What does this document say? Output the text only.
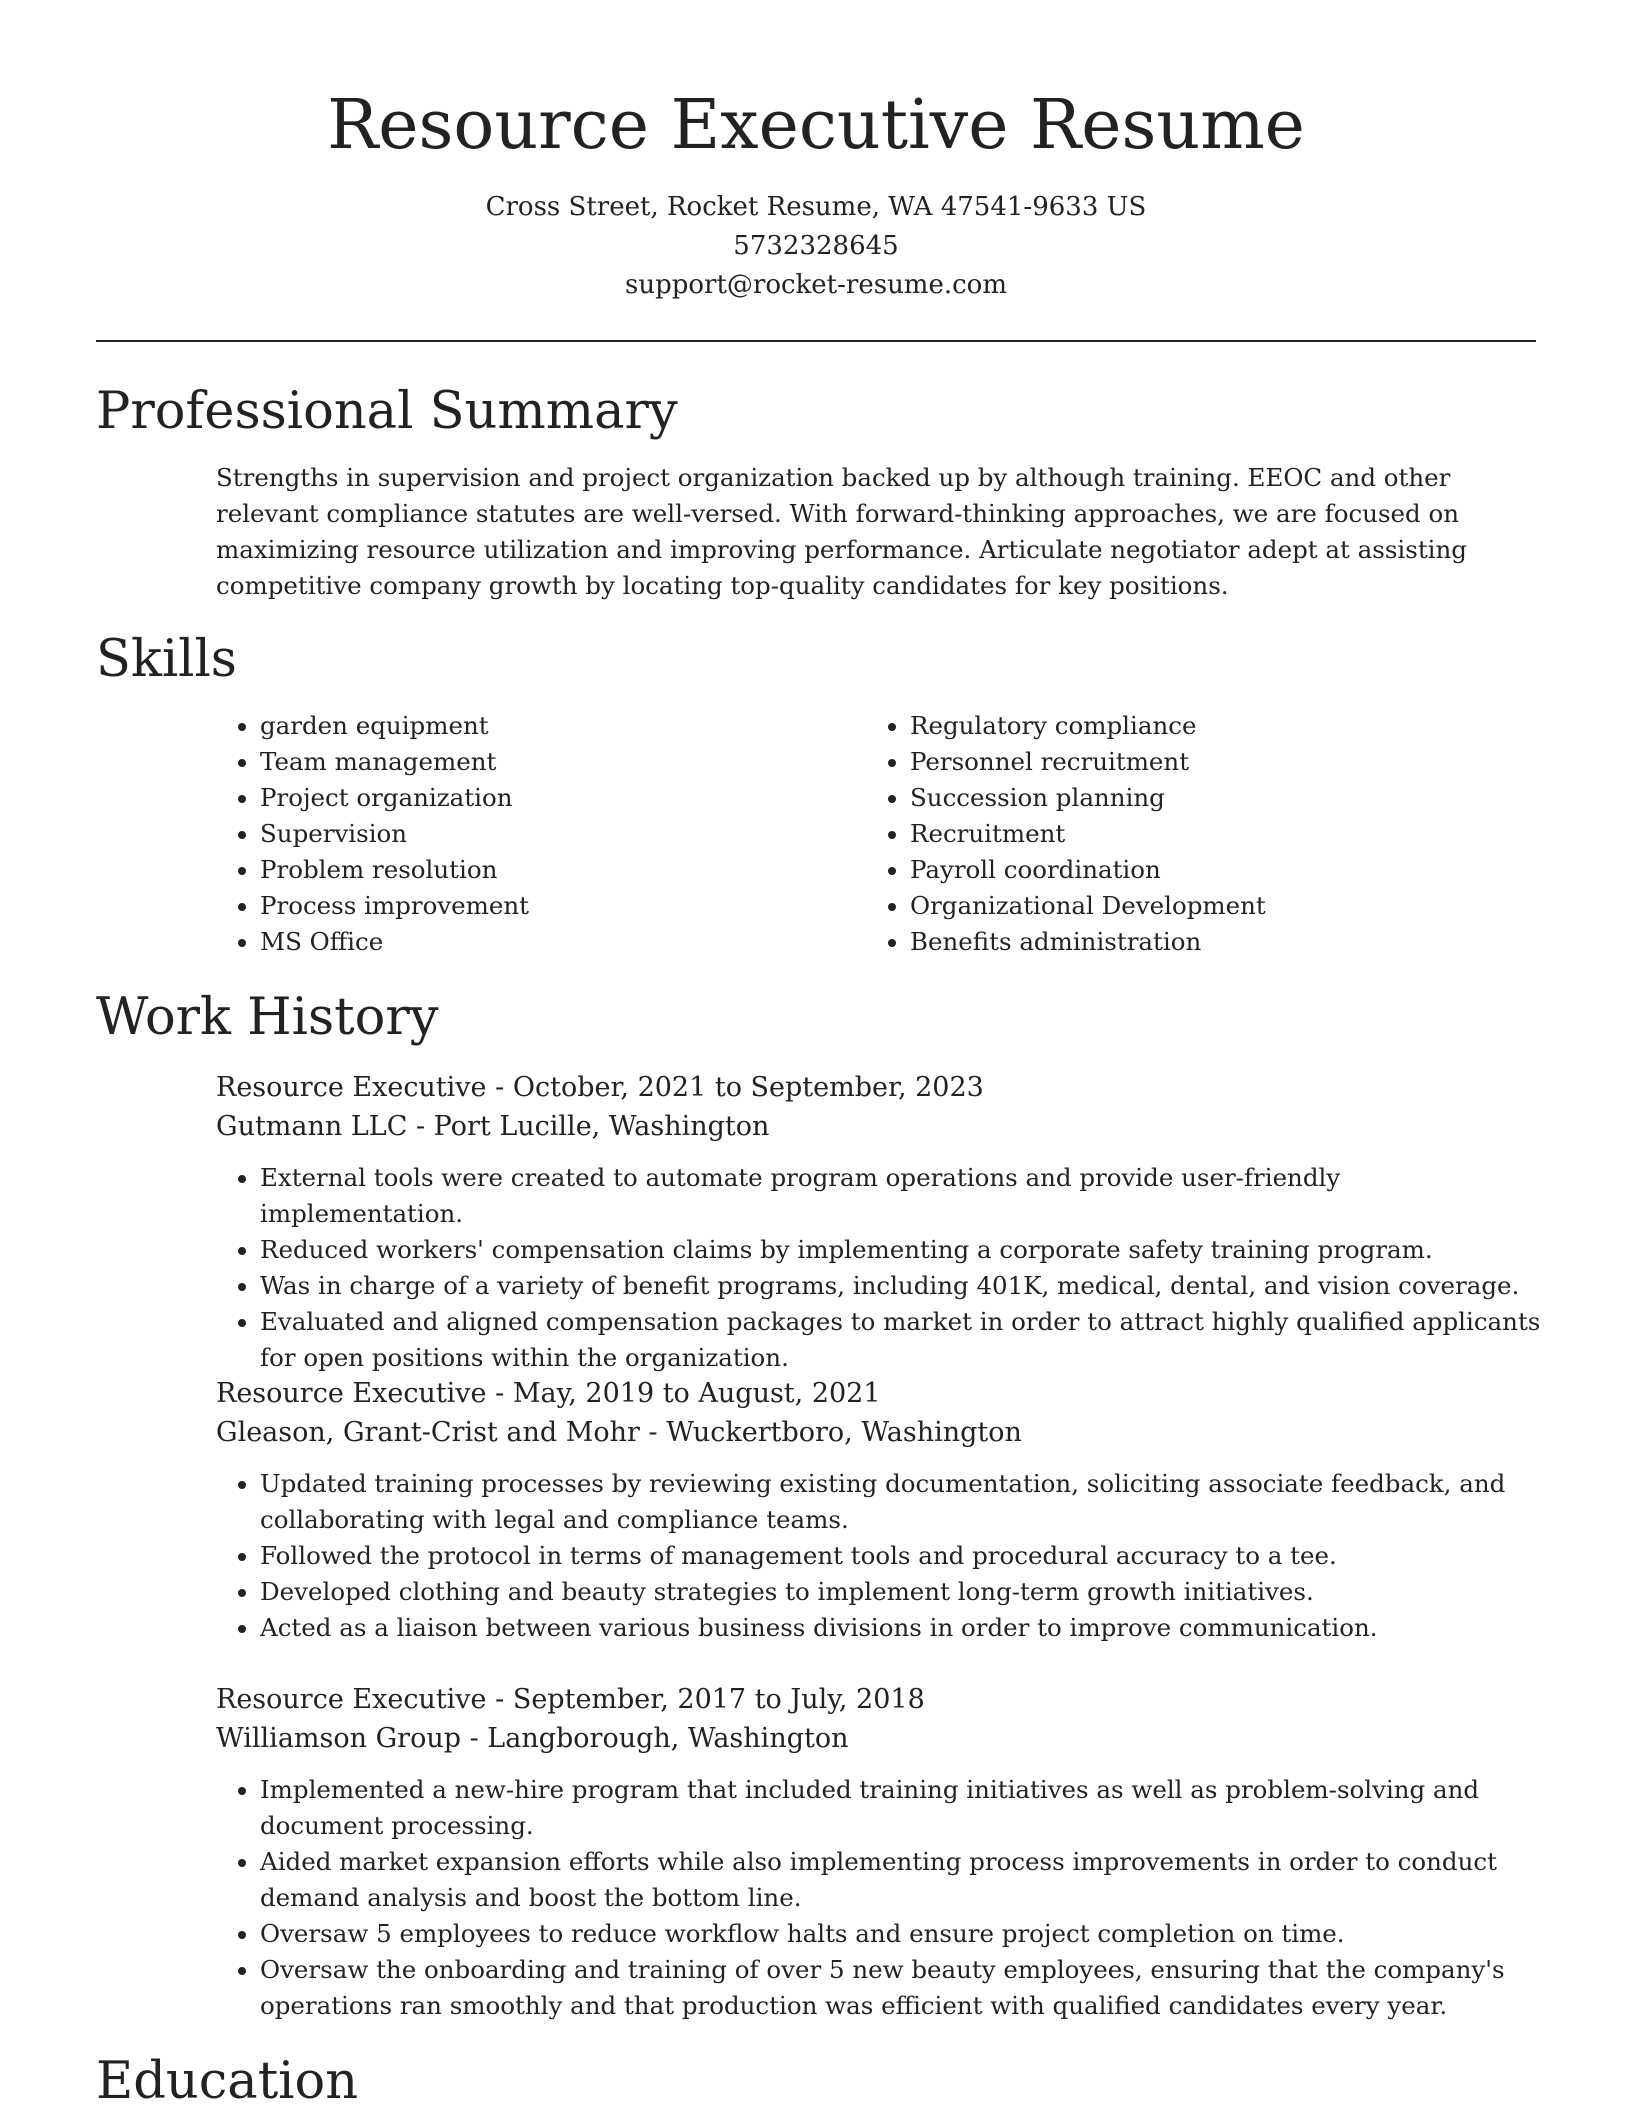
Resource Executive Resume
Cross Street, Rocket Resume, WA 47541-9633 US
5732328645
support@rocket-resume.com
Professional Summary

Strengths in supervision and project organization backed up by although training. EEOC and other relevant compliance statutes are well-versed. With forward-thinking approaches, we are focused on maximizing resource utilization and improving performance. Articulate negotiator adept at assisting competitive company growth by locating top-quality candidates for key positions.

Skills
• garden equipment
• Team management
• Project organization
• Supervision
• Problem resolution
• Process improvement
• MS Office
• Regulatory compliance
• Personnel recruitment
• Succession planning
• Recruitment
• Payroll coordination
• Organizational Development
• Benefits administration
Work History
Resource Executive - October, 2021 to September, 2023
Gutmann LLC - Port Lucille, Washington
• External tools were created to automate program operations and provide user-friendly implementation.
• Reduced workers' compensation claims by implementing a corporate safety training program.
• Was in charge of a variety of benefit programs, including 401K, medical, dental, and vision coverage.
• Evaluated and aligned compensation packages to market in order to attract highly qualified applicants for open positions within the organization.
Resource Executive - May, 2019 to August, 2021
Gleason, Grant-Crist and Mohr - Wuckertboro, Washington
• Updated training processes by reviewing existing documentation, soliciting associate feedback, and collaborating with legal and compliance teams.
• Followed the protocol in terms of management tools and procedural accuracy to a tee.
• Developed clothing and beauty strategies to implement long-term growth initiatives.
• Acted as a liaison between various business divisions in order to improve communication.
Resource Executive - September, 2017 to July, 2018
Williamson Group - Langborough, Washington
• Implemented a new-hire program that included training initiatives as well as problem-solving and document processing.
• Aided market expansion efforts while also implementing process improvements in order to conduct demand analysis and boost the bottom line.
• Oversaw 5 employees to reduce workflow halts and ensure project completion on time.
• Oversaw the onboarding and training of over 5 new beauty employees, ensuring that the company's operations ran smoothly and that production was efficient with qualified candidates every year.
Education
